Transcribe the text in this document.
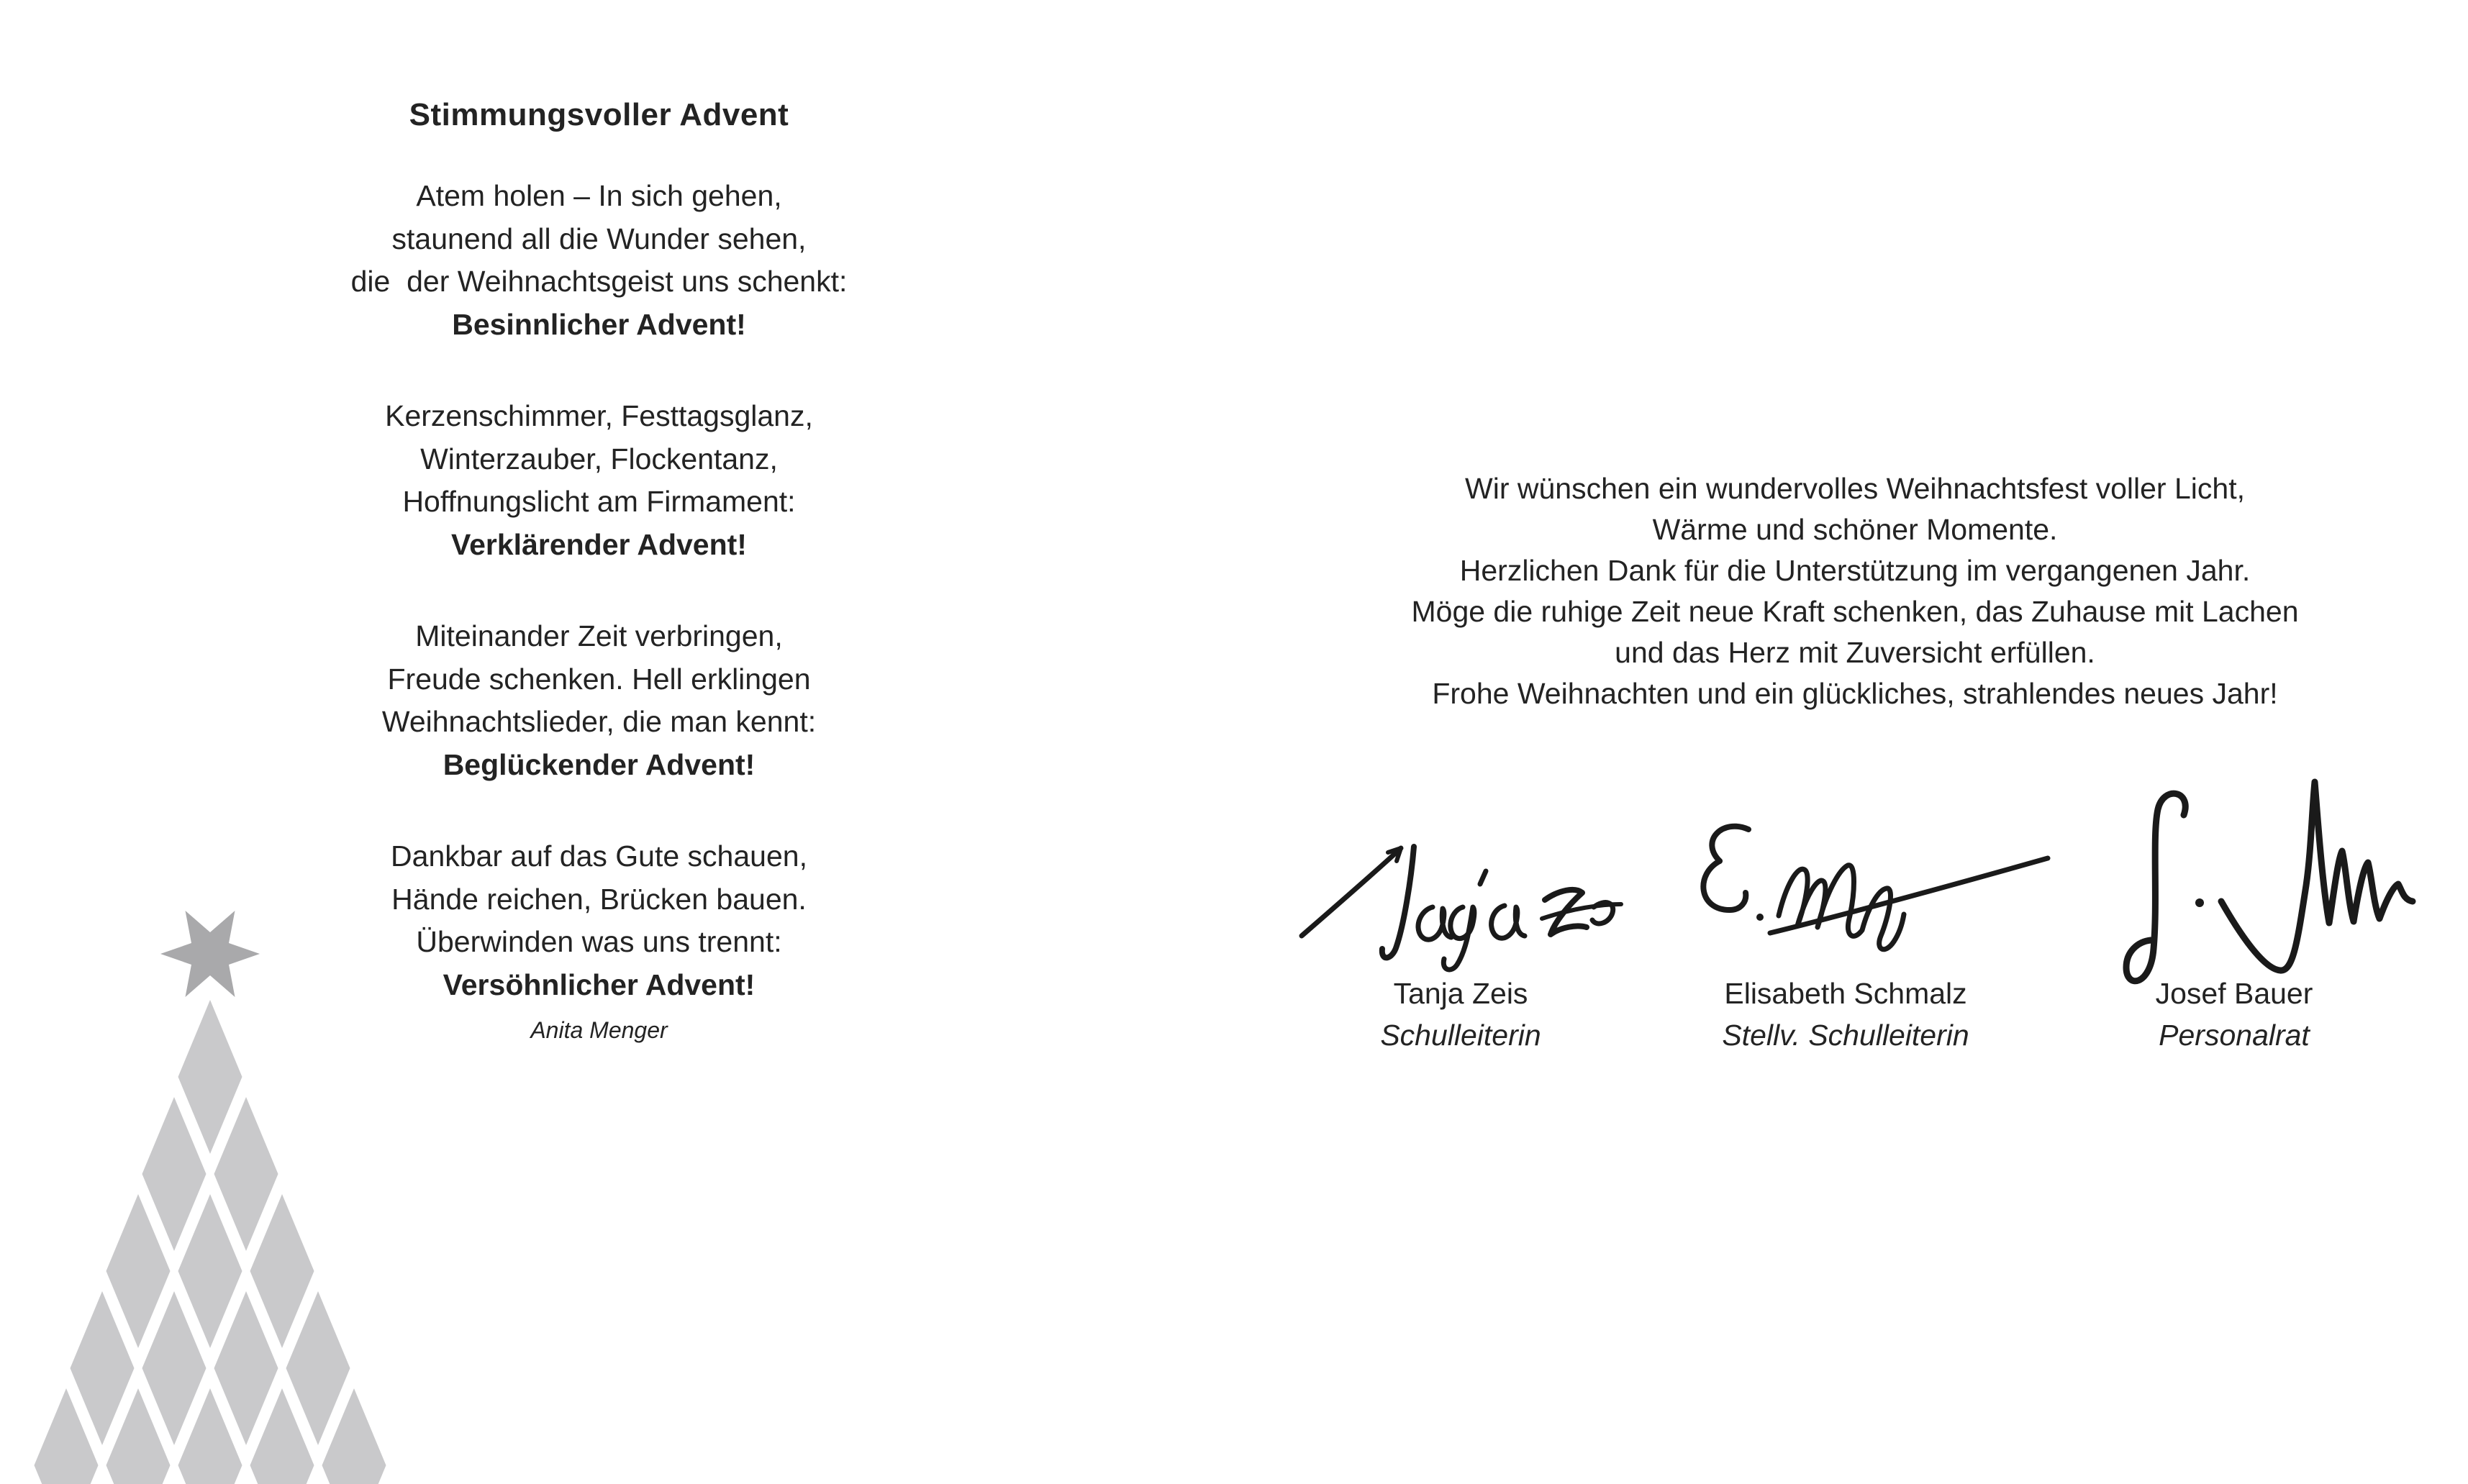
Stimmungsvoller Advent
Atem holen – In sich gehen,
staunend all die Wunder sehen,
die  der Weihnachtsgeist uns schenkt:
Besinnlicher Advent!
Kerzenschimmer, Festtagsglanz,
Winterzauber, Flockentanz,
Hoffnungslicht am Firmament:
Verklärender Advent!
Miteinander Zeit verbringen,
Freude schenken. Hell erklingen
Weihnachtslieder, die man kennt:
Beglückender Advent!
Dankbar auf das Gute schauen,
Hände reichen, Brücken bauen.
Überwinden was uns trennt:
Versöhnlicher Advent!
Anita Menger
Wir wünschen ein wundervolles Weihnachtsfest voller Licht,
Wärme und schöner Momente.
Herzlichen Dank für die Unterstützung im vergangenen Jahr.
Möge die ruhige Zeit neue Kraft schenken, das Zuhause mit Lachen
und das Herz mit Zuversicht erfüllen.
Frohe Weihnachten und ein glückliches, strahlendes neues Jahr!
Tanja Zeis
Schulleiterin
Elisabeth Schmalz
Stellv. Schulleiterin
Josef Bauer
Personalrat
